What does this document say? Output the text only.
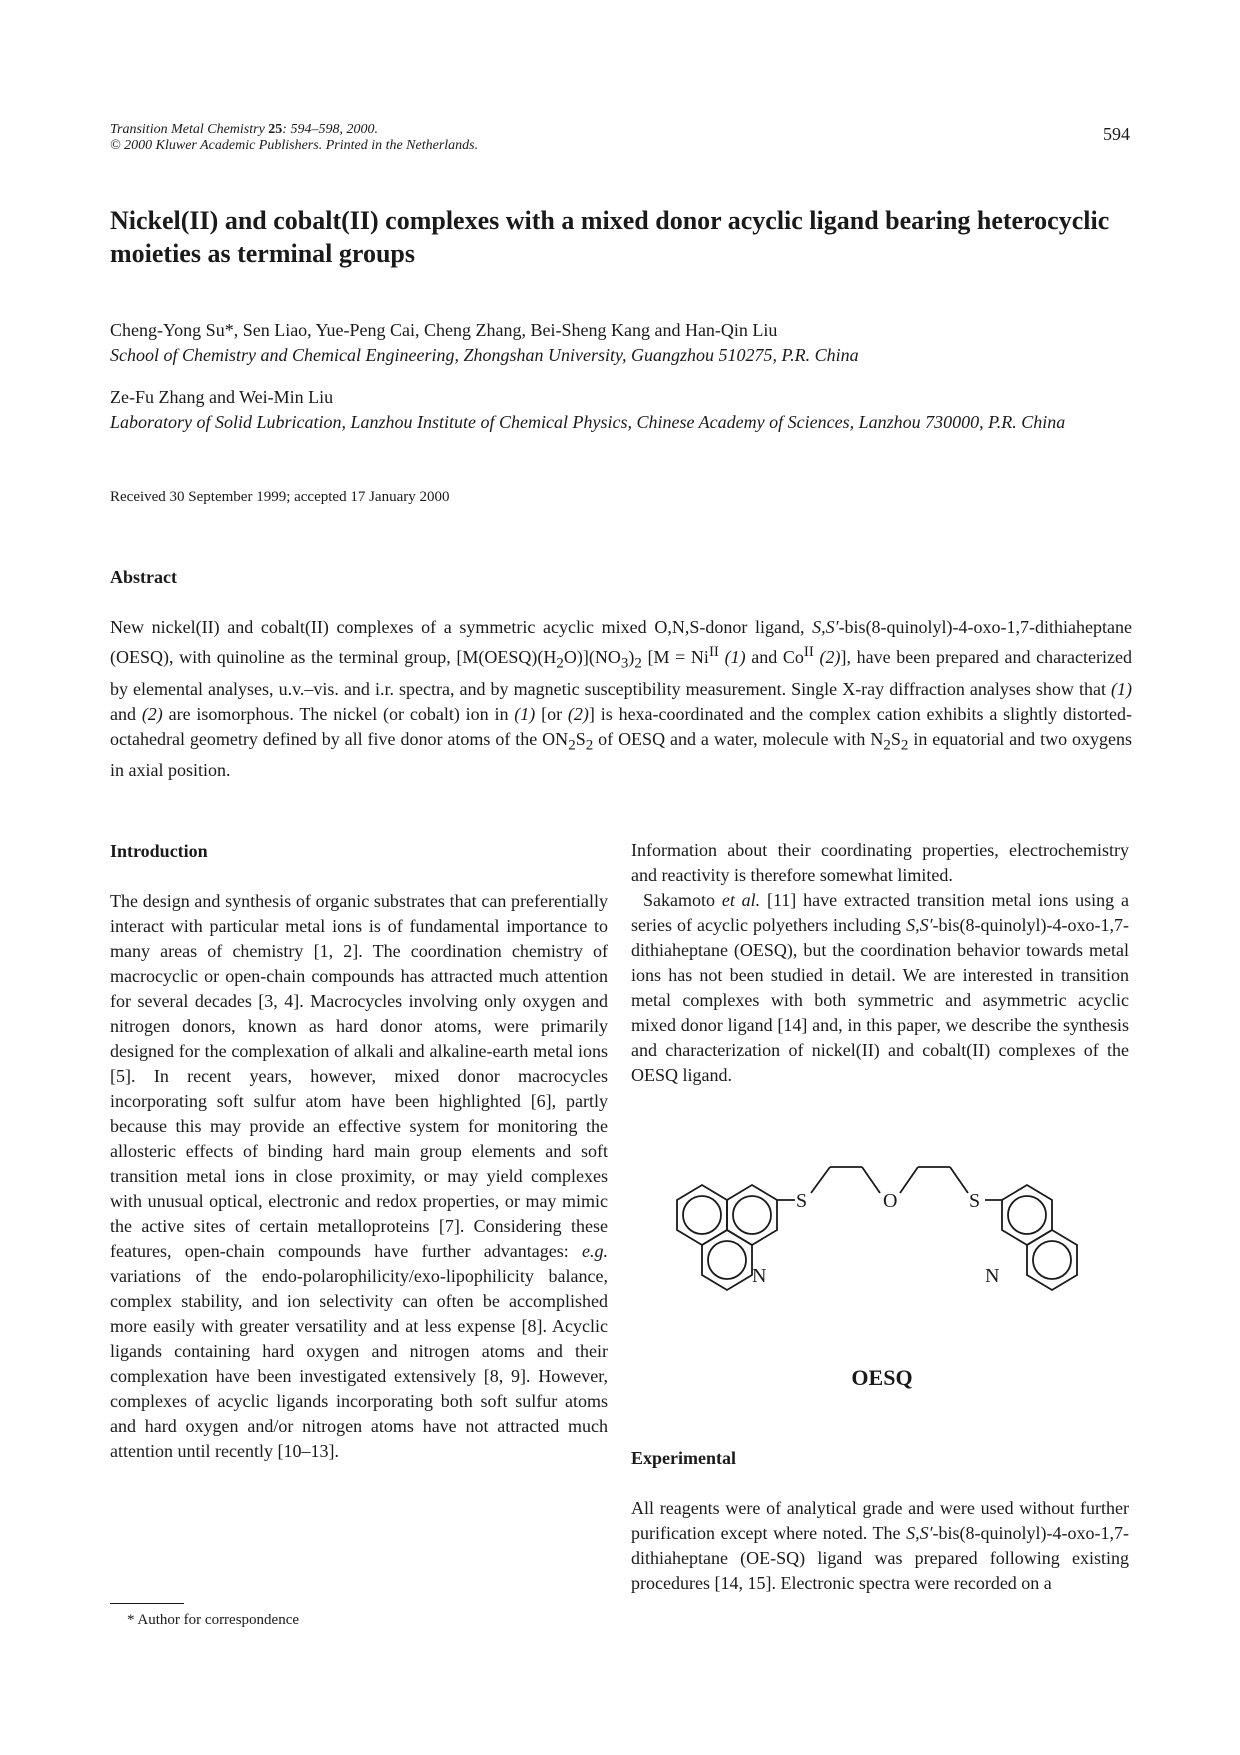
Transition Metal Chemistry 25: 594–598, 2000.
© 2000 Kluwer Academic Publishers. Printed in the Netherlands.
594
Nickel(II) and cobalt(II) complexes with a mixed donor acyclic ligand bearing heterocyclic moieties as terminal groups
Cheng-Yong Su*, Sen Liao, Yue-Peng Cai, Cheng Zhang, Bei-Sheng Kang and Han-Qin Liu
School of Chemistry and Chemical Engineering, Zhongshan University, Guangzhou 510275, P.R. China
Ze-Fu Zhang and Wei-Min Liu
Laboratory of Solid Lubrication, Lanzhou Institute of Chemical Physics, Chinese Academy of Sciences, Lanzhou 730000, P.R. China
Received 30 September 1999; accepted 17 January 2000
Abstract
New nickel(II) and cobalt(II) complexes of a symmetric acyclic mixed O,N,S-donor ligand, S,S′-bis(8-quinolyl)-4-oxo-1,7-dithiaheptane (OESQ), with quinoline as the terminal group, $[M(OESQ)(H_2O)](NO_3)_2$ [$M = Ni^{II}$ (1) and $Co^{II}$ (2)], have been prepared and characterized by elemental analyses, u.v.–vis. and i.r. spectra, and by magnetic susceptibility measurement. Single X-ray diffraction analyses show that (1) and (2) are isomorphous. The nickel (or cobalt) ion in (1) [or (2)] is hexa-coordinated and the complex cation exhibits a slightly distorted-octahedral geometry defined by all five donor atoms of the $ON_2S_2$ of OESQ and a water, molecule with $N_2S_2$ in equatorial and two oxygens in axial position.
Introduction

The design and synthesis of organic substrates that can preferentially interact with particular metal ions is of fundamental importance to many areas of chemistry [1, 2]. The coordination chemistry of macrocyclic or open-chain compounds has attracted much attention for several decades [3, 4]. Macrocycles involving only oxygen and nitrogen donors, known as hard donor atoms, were primarily designed for the complexation of alkali and alkaline-earth metal ions [5]. In recent years, however, mixed donor macrocycles incorporating soft sulfur atom have been highlighted [6], partly because this may provide an effective system for monitoring the allosteric effects of binding hard main group elements and soft transition metal ions in close proximity, or may yield complexes with unusual optical, electronic and redox properties, or may mimic the active sites of certain metalloproteins [7]. Considering these features, open-chain compounds have further advantages: e.g. variations of the endo-polarophilicity/exo-lipophilicity balance, complex stability, and ion selectivity can often be accomplished more easily with greater versatility and at less expense [8]. Acyclic ligands containing hard oxygen and nitrogen atoms and their complexation have been investigated extensively [8, 9]. However, complexes of acyclic ligands incorporating both soft sulfur atoms and hard oxygen and/or nitrogen atoms have not attracted much attention until recently [10–13].

Information about their coordinating properties, electrochemistry and reactivity is therefore somewhat limited.

Sakamoto et al. [11] have extracted transition metal ions using a series of acyclic polyethers including S,S′-bis(8-quinolyl)-4-oxo-1,7-dithiaheptane (OESQ), but the coordination behavior towards metal ions has not been studied in detail. We are interested in transition metal complexes with both symmetric and asymmetric acyclic mixed donor ligand [14] and, in this paper, we describe the synthesis and characterization of nickel(II) and cobalt(II) complexes of the OESQ ligand.

S	O	S
N	N
OESQ
Experimental

All reagents were of analytical grade and were used without further purification except where noted. The S,S′-bis(8-quinolyl)-4-oxo-1,7-dithiaheptane (OE-SQ) ligand was prepared following existing procedures [14, 15]. Electronic spectra were recorded on a

* Author for correspondence
